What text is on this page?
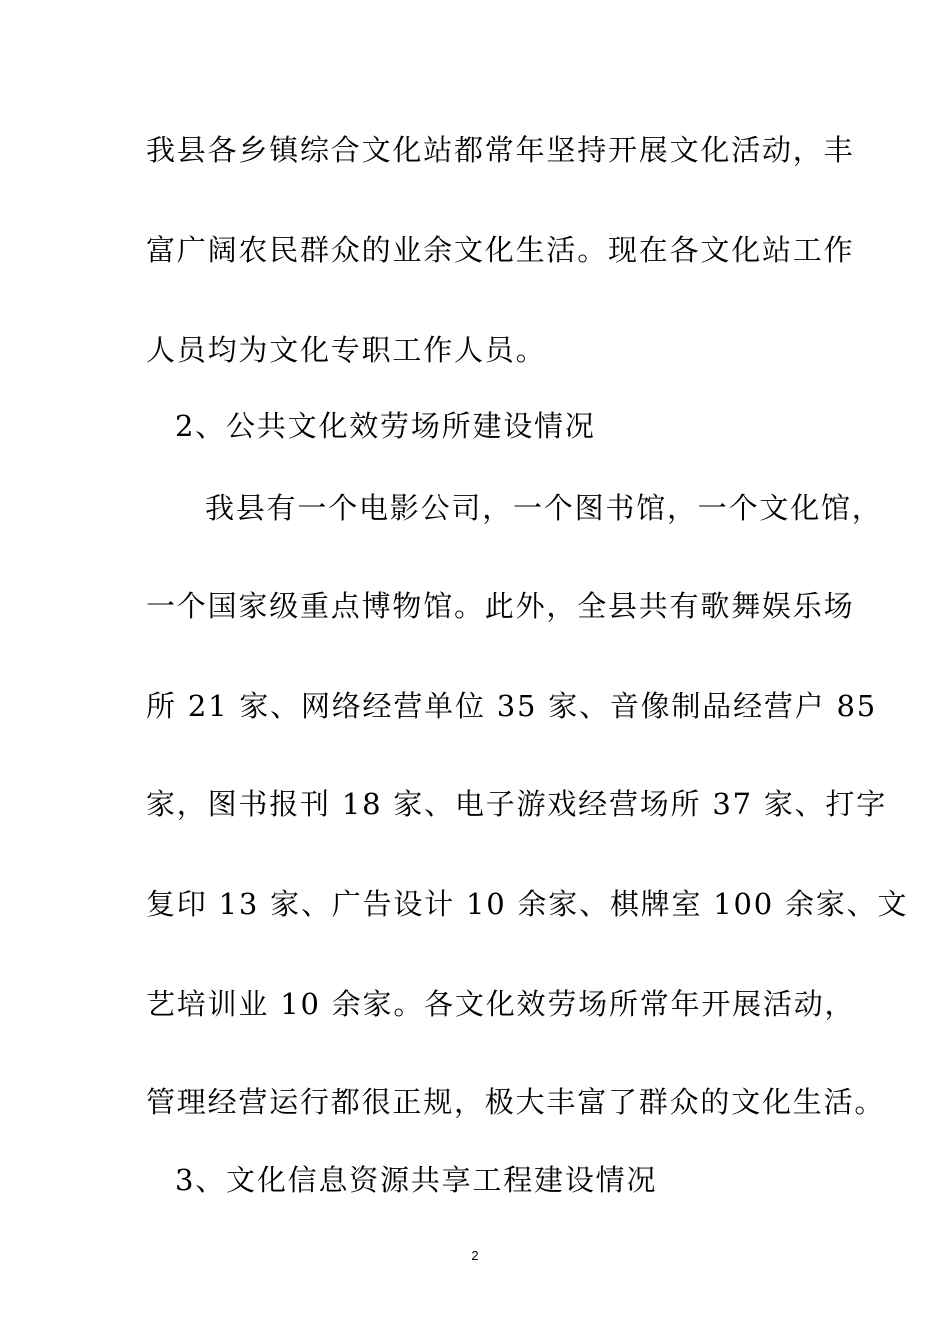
我县各乡镇综合文化站都常年坚持开展文化活动，丰
富广阔农民群众的业余文化生活。现在各文化站工作
人员均为文化专职工作人员。
2、公共文化效劳场所建设情况
我县有一个电影公司，一个图书馆，一个文化馆，
一个国家级重点博物馆。此外，全县共有歌舞娱乐场
所 21 家、网络经营单位 35 家、音像制品经营户 85
家，图书报刊 18 家、电子游戏经营场所 37 家、打字
复印 13 家、广告设计 10 余家、棋牌室 100 余家、文
艺培训业 10 余家。各文化效劳场所常年开展活动，
管理经营运行都很正规，极大丰富了群众的文化生活。
3、文化信息资源共享工程建设情况
2
